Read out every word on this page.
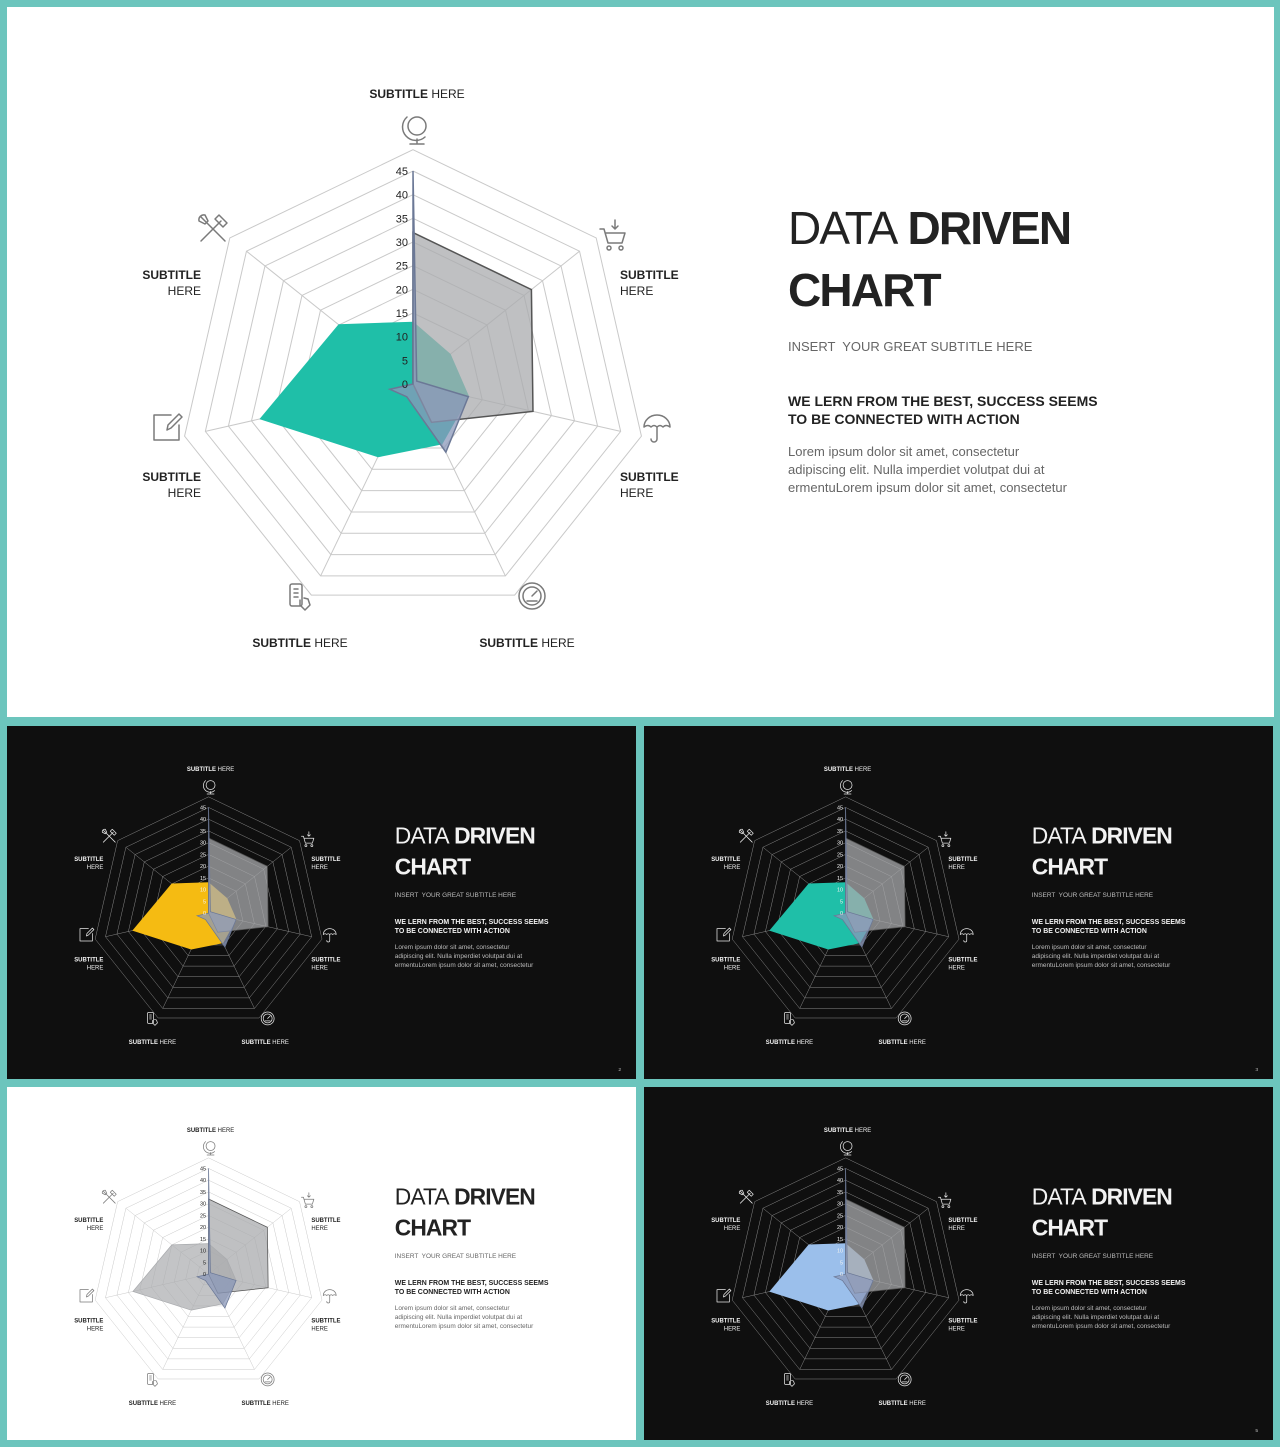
0
5
10
15
20
25
30
35
40
45
SUBTITLE HERE
SUBTITLE
HERE
SUBTITLE
HERE
SUBTITLE HERE
SUBTITLE HERE
SUBTITLE
HERE
SUBTITLE
HERE
DATA DRIVEN
CHART
INSERT  YOUR GREAT SUBTITLE HERE
WE LERN FROM THE BEST, SUCCESS SEEMS TO BE CONNECTED WITH ACTION
Lorem ipsum dolor sit amet, consectetur adipiscing elit. Nulla imperdiet volutpat dui at ermentuLorem ipsum dolor sit amet, consectetur
0
5
10
15
20
25
30
35
40
45
SUBTITLE HERE
SUBTITLE
HERE
SUBTITLE
HERE
SUBTITLE HERE
SUBTITLE HERE
SUBTITLE
HERE
SUBTITLE
HERE
DATA DRIVEN
CHART
INSERT  YOUR GREAT SUBTITLE HERE
WE LERN FROM THE BEST, SUCCESS SEEMS TO BE CONNECTED WITH ACTION
Lorem ipsum dolor sit amet, consectetur adipiscing elit. Nulla imperdiet volutpat dui at ermentuLorem ipsum dolor sit amet, consectetur
2
0
5
10
15
20
25
30
35
40
45
SUBTITLE HERE
SUBTITLE
HERE
SUBTITLE
HERE
SUBTITLE HERE
SUBTITLE HERE
SUBTITLE
HERE
SUBTITLE
HERE
DATA DRIVEN
CHART
INSERT  YOUR GREAT SUBTITLE HERE
WE LERN FROM THE BEST, SUCCESS SEEMS TO BE CONNECTED WITH ACTION
Lorem ipsum dolor sit amet, consectetur adipiscing elit. Nulla imperdiet volutpat dui at ermentuLorem ipsum dolor sit amet, consectetur
3
0
5
10
15
20
25
30
35
40
45
SUBTITLE HERE
SUBTITLE
HERE
SUBTITLE
HERE
SUBTITLE HERE
SUBTITLE HERE
SUBTITLE
HERE
SUBTITLE
HERE
DATA DRIVEN
CHART
INSERT  YOUR GREAT SUBTITLE HERE
WE LERN FROM THE BEST, SUCCESS SEEMS TO BE CONNECTED WITH ACTION
Lorem ipsum dolor sit amet, consectetur adipiscing elit. Nulla imperdiet volutpat dui at ermentuLorem ipsum dolor sit amet, consectetur
0
5
10
15
20
25
30
35
40
45
SUBTITLE HERE
SUBTITLE
HERE
SUBTITLE
HERE
SUBTITLE HERE
SUBTITLE HERE
SUBTITLE
HERE
SUBTITLE
HERE
DATA DRIVEN
CHART
INSERT  YOUR GREAT SUBTITLE HERE
WE LERN FROM THE BEST, SUCCESS SEEMS TO BE CONNECTED WITH ACTION
Lorem ipsum dolor sit amet, consectetur adipiscing elit. Nulla imperdiet volutpat dui at ermentuLorem ipsum dolor sit amet, consectetur
5
